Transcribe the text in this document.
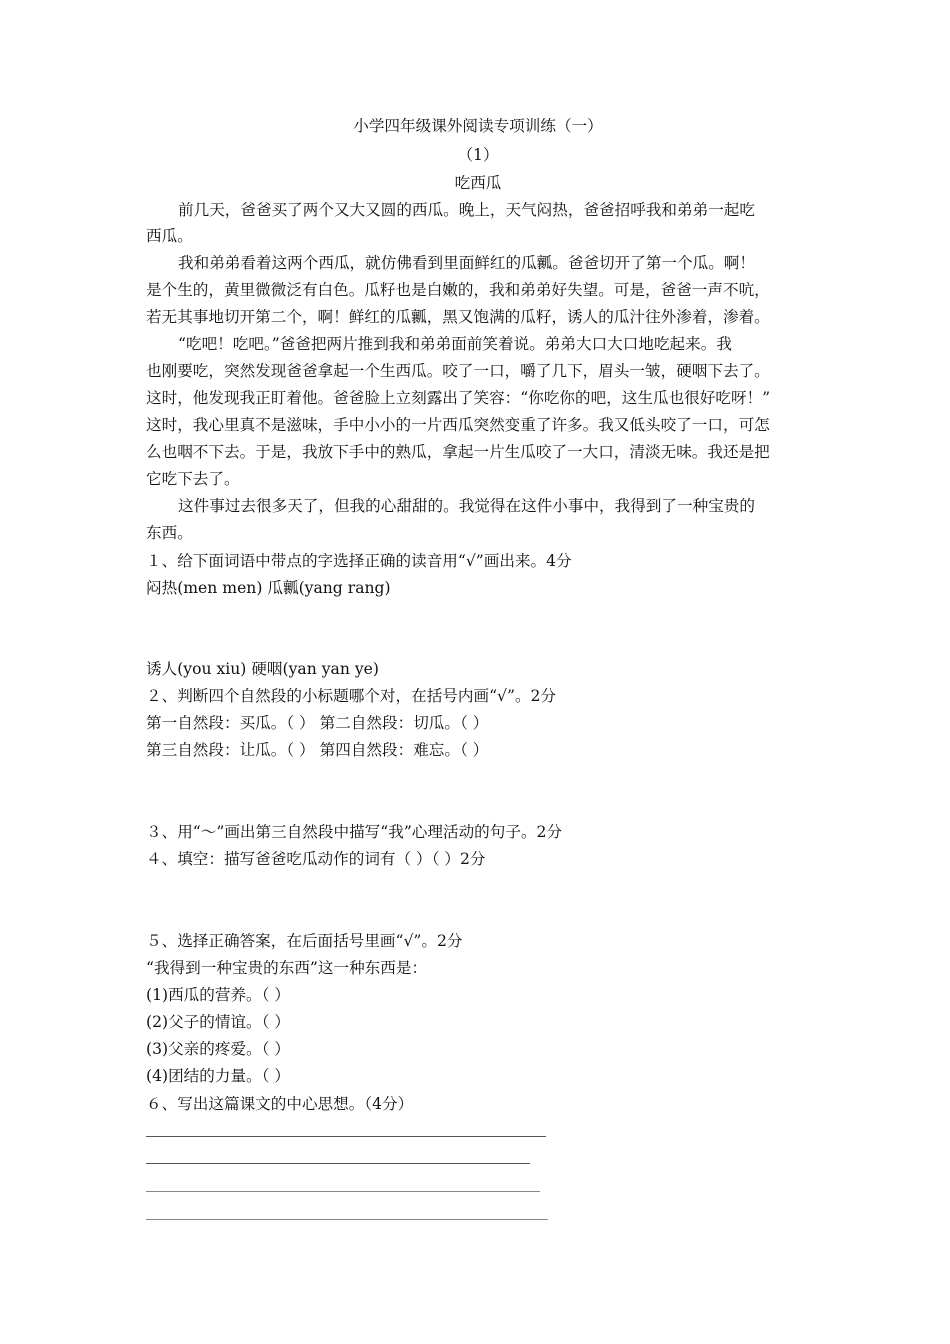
小学四年级课外阅读专项训练（一）
（1）
吃西瓜
前几天，爸爸买了两个又大又圆的西瓜。晚上，天气闷热，爸爸招呼我和弟弟一起吃
西瓜。
我和弟弟看着这两个西瓜，就仿佛看到里面鲜红的瓜瓤。爸爸切开了第一个瓜。啊！
是个生的，黄里微微泛有白色。瓜籽也是白嫩的，我和弟弟好失望。可是，爸爸一声不吭，
若无其事地切开第二个，啊！鲜红的瓜瓤，黑又饱满的瓜籽，诱人的瓜汁往外渗着，渗着。
“吃吧！吃吧。”爸爸把两片推到我和弟弟面前笑着说。弟弟大口大口地吃起来。我
也刚要吃，突然发现爸爸拿起一个生西瓜。咬了一口，嚼了几下，眉头一皱，硬咽下去了。
这时，他发现我正盯着他。爸爸脸上立刻露出了笑容：“你吃你的吧，这生瓜也很好吃呀！”
这时，我心里真不是滋味，手中小小的一片西瓜突然变重了许多。我又低头咬了一口，可怎
么也咽不下去。于是，我放下手中的熟瓜，拿起一片生瓜咬了一大口，清淡无味。我还是把
它吃下去了。
这件事过去很多天了，但我的心甜甜的。我觉得在这件小事中，我得到了一种宝贵的
东西。
１、给下面词语中带点的字选择正确的读音用“√”画出来。4分
闷热(men men) 瓜瓤(yang rang)
诱人(you xiu) 硬咽(yan yan ye)
２、判断四个自然段的小标题哪个对，在括号内画“√”。2分
第一自然段：买瓜。（ ） 第二自然段：切瓜。（ ）
第三自然段：让瓜。（ ） 第四自然段：难忘。（ ）
３、用“～”画出第三自然段中描写“我”心理活动的句子。2分
４、填空：描写爸爸吃瓜动作的词有（ ）（ ）2分
５、选择正确答案，在后面括号里画“√”。2分
“我得到一种宝贵的东西”这一种东西是：
(1)西瓜的营养。（ ）
(2)父子的情谊。（ ）
(3)父亲的疼爱。（ ）
(4)团结的力量。（ ）
６、写出这篇课文的中心思想。（4分）
